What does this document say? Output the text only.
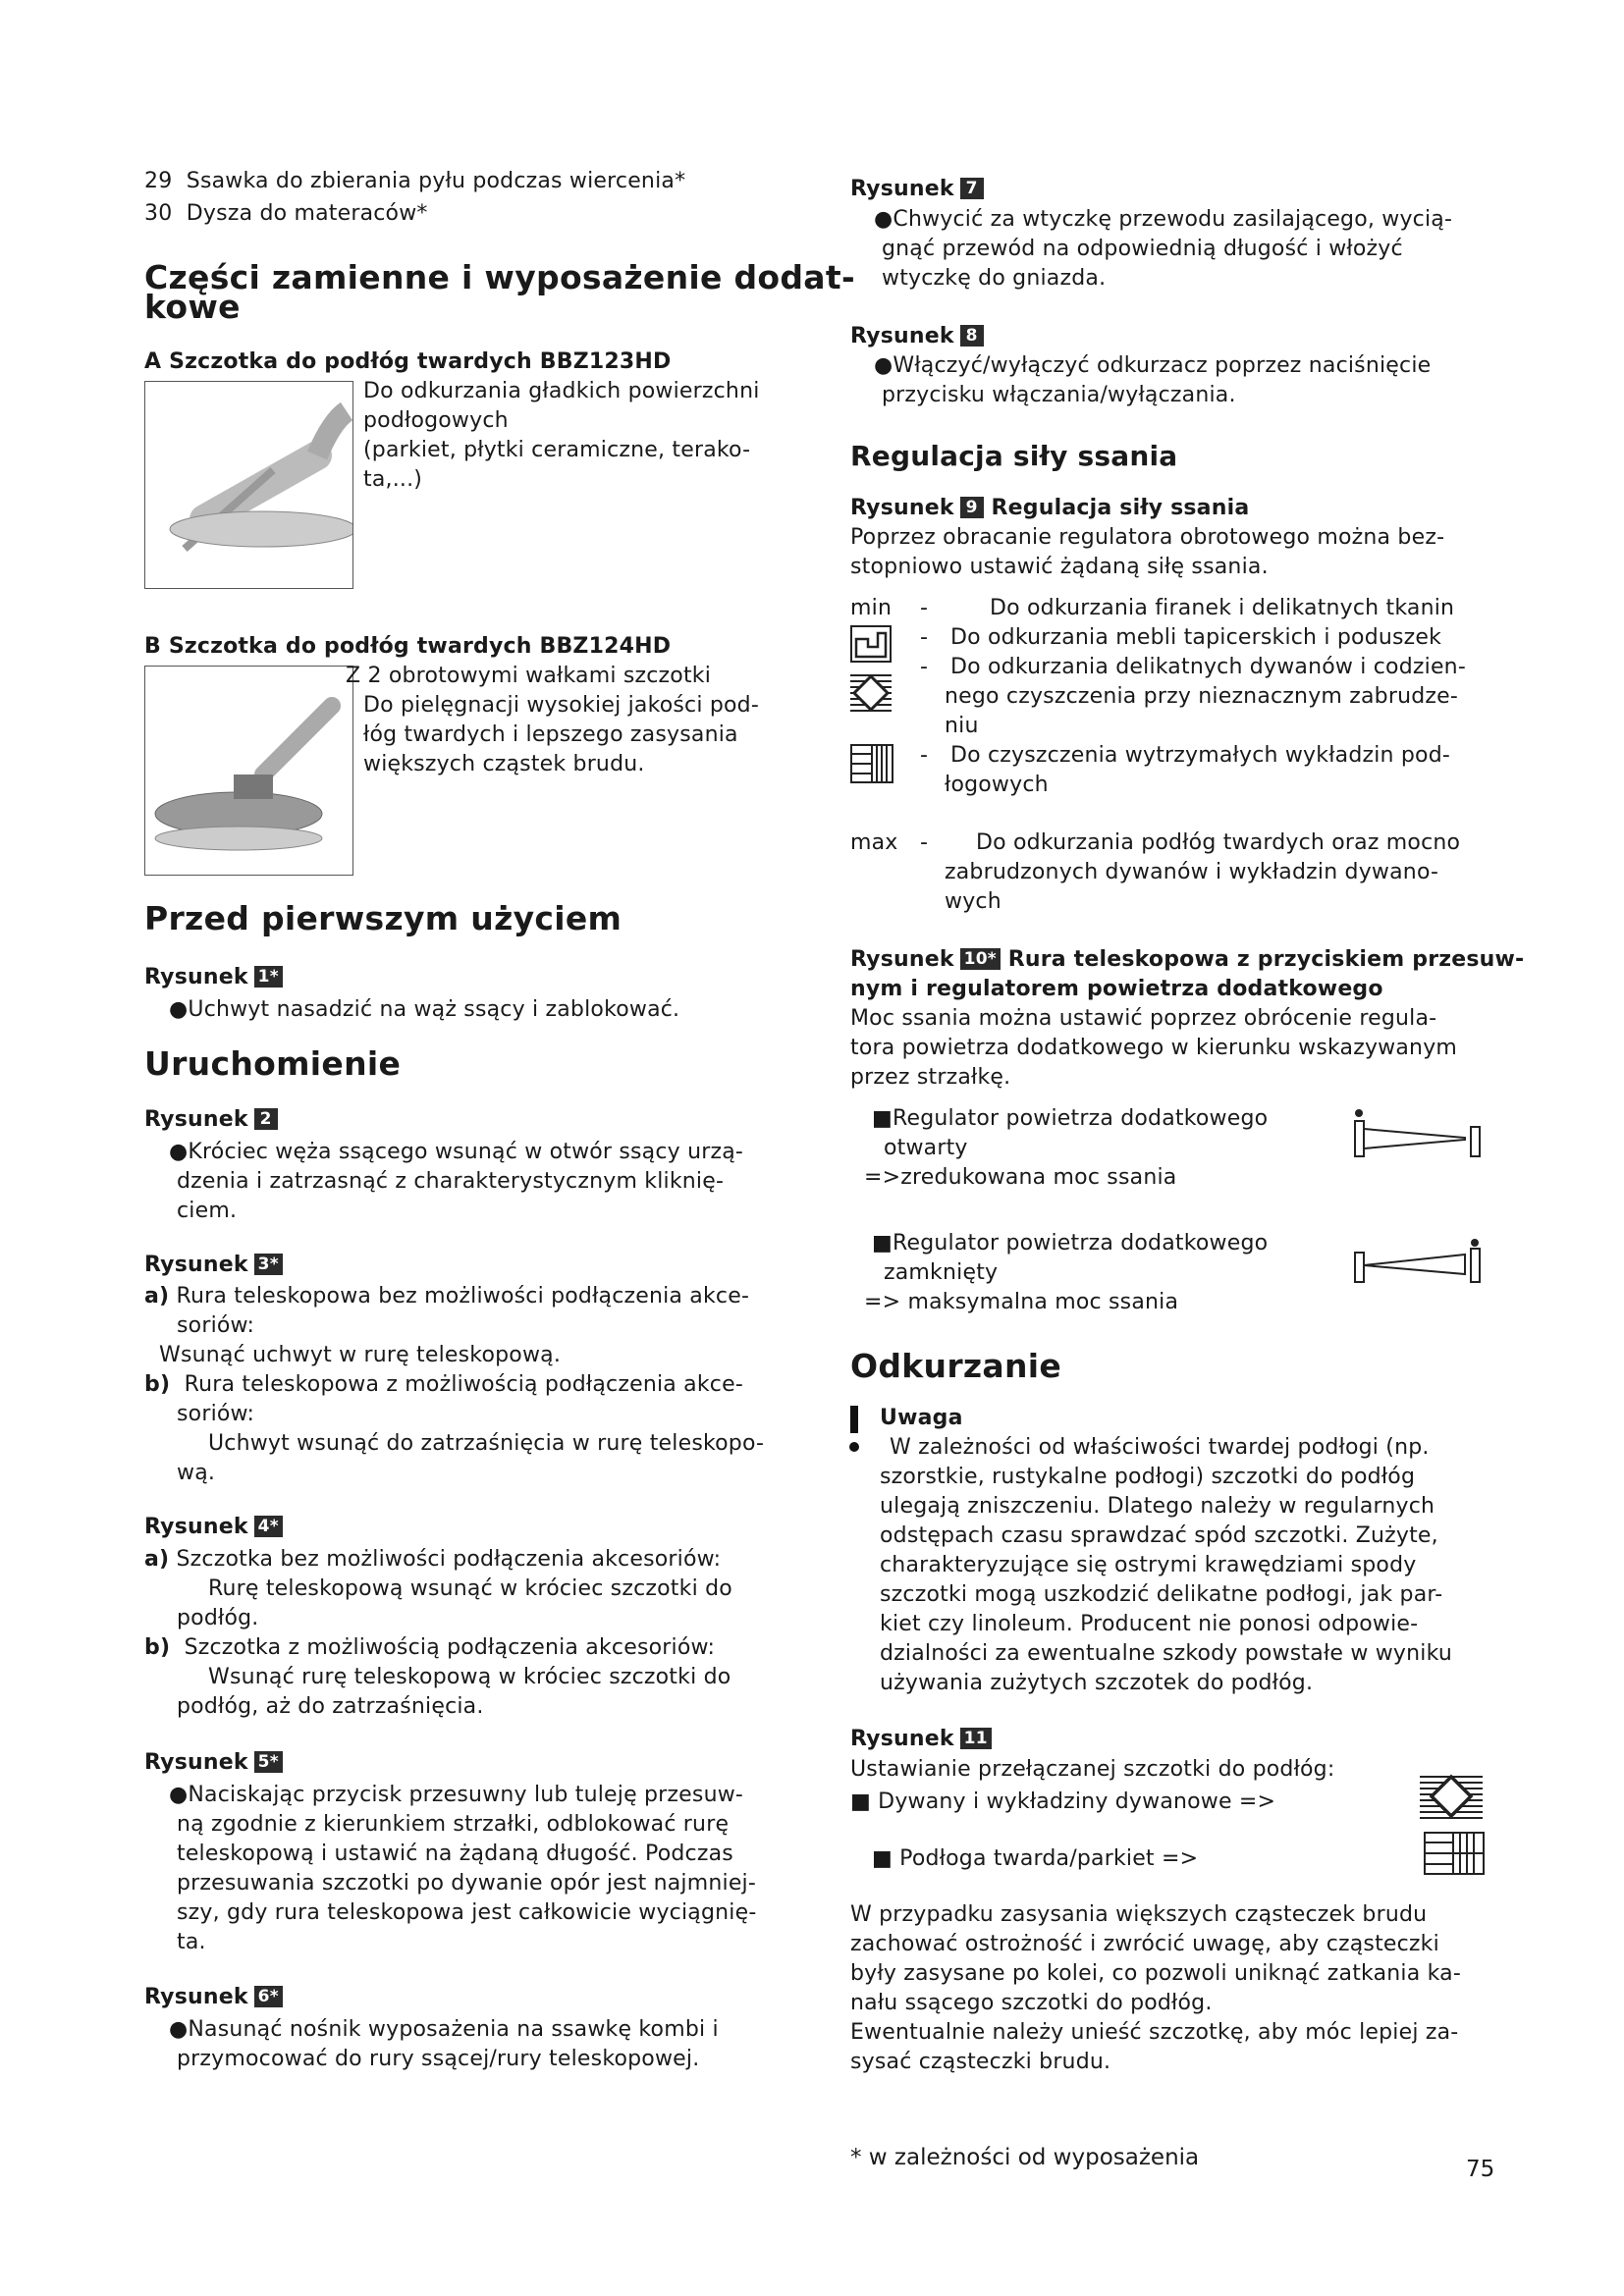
29 Ssawka do zbierania pyłu podczas wiercenia*
30 Dysza do materaców*
Części zamienne i wyposażenie dodat-
kowe
A Szczotka do podłóg twardych BBZ123HD
Do odkurzania gładkich powierzchni
podłogowych
(parkiet, płytki ceramiczne, terako-
ta,...)
B Szczotka do podłóg twardych BBZ124HD
Z 2 obrotowymi wałkami szczotki
Do pielęgnacji wysokiej jakości pod-
łóg twardych i lepszego zasysania
większych cząstek brudu.
Przed pierwszym użyciem
Rysunek 1*
●Uchwyt nasadzić na wąż ssący i zablokować.
Uruchomienie
Rysunek 2
●Króciec węża ssącego wsunąć w otwór ssący urzą-
dzenia i zatrzasnąć z charakterystycznym kliknię-
ciem.
Rysunek 3*
a) Rura teleskopowa bez możliwości podłączenia akce-
soriów:
Wsunąć uchwyt w rurę teleskopową.
b) Rura teleskopowa z możliwością podłączenia akce-
soriów:
Uchwyt wsunąć do zatrzaśnięcia w rurę teleskopo-
wą.
Rysunek 4*
a) Szczotka bez możliwości podłączenia akcesoriów:
Rurę teleskopową wsunąć w króciec szczotki do
podłóg.
b) Szczotka z możliwością podłączenia akcesoriów:
Wsunąć rurę teleskopową w króciec szczotki do
podłóg, aż do zatrzaśnięcia.
Rysunek 5*
●Naciskając przycisk przesuwny lub tuleję przesuw-
ną zgodnie z kierunkiem strzałki, odblokować rurę
teleskopową i ustawić na żądaną długość. Podczas
przesuwania szczotki po dywanie opór jest najmniej-
szy, gdy rura teleskopowa jest całkowicie wyciągnię-
ta.
Rysunek 6*
●Nasunąć nośnik wyposażenia na ssawkę kombi i
przymocować do rury ssącej/rury teleskopowej.
Rysunek 7
●Chwycić za wtyczkę przewodu zasilającego, wycią-
gnąć przewód na odpowiednią długość i włożyć
wtyczkę do gniazda.
Rysunek 8
●Włączyć/wyłączyć odkurzacz poprzez naciśnięcie
przycisku włączania/wyłączania.
Regulacja siły ssania
Rysunek 9 Regulacja siły ssania
Poprzez obracanie regulatora obrotowego można bez-
stopniowo ustawić żądaną siłę ssania.
min -	Do odkurzania firanek i delikatnych tkanin
- Do odkurzania mebli tapicerskich i poduszek
- Do odkurzania delikatnych dywanów i codzien-
nego czyszczenia przy nieznacznym zabrudze-
niu
- Do czyszczenia wytrzymałych wykładzin pod-
łogowych
max - Do odkurzania podłóg twardych oraz mocno
zabrudzonych dywanów i wykładzin dywano-
wych
Rysunek 10* Rura teleskopowa z przyciskiem przesuw-
nym i regulatorem powietrza dodatkowego
Moc ssania można ustawić poprzez obrócenie regula-
tora powietrza dodatkowego w kierunku wskazywanym
przez strzałkę.
■Regulator powietrza dodatkowego
otwarty
=>zredukowana moc ssania
■Regulator powietrza dodatkowego
zamknięty
=> maksymalna moc ssania
Odkurzanie
Uwaga
W zależności od właściwości twardej podłogi (np.
szorstkie, rustykalne podłogi) szczotki do podłóg
ulegają zniszczeniu. Dlatego należy w regularnych
odstępach czasu sprawdzać spód szczotki. Zużyte,
charakteryzujące się ostrymi krawędziami spody
szczotki mogą uszkodzić delikatne podłogi, jak par-
kiet czy linoleum. Producent nie ponosi odpowie-
dzialności za ewentualne szkody powstałe w wyniku
używania zużytych szczotek do podłóg.
Rysunek 11
Ustawianie przełączanej szczotki do podłóg:
■ Dywany i wykładziny dywanowe =>
■ Podłoga twarda/parkiet =>
W przypadku zasysania większych cząsteczek brudu
zachować ostrożność i zwrócić uwagę, aby cząsteczki
były zasysane po kolei, co pozwoli uniknąć zatkania ka-
nału ssącego szczotki do podłóg.
Ewentualnie należy unieść szczotkę, aby móc lepiej za-
sysać cząsteczki brudu.
* w zależności od wyposażenia	75
